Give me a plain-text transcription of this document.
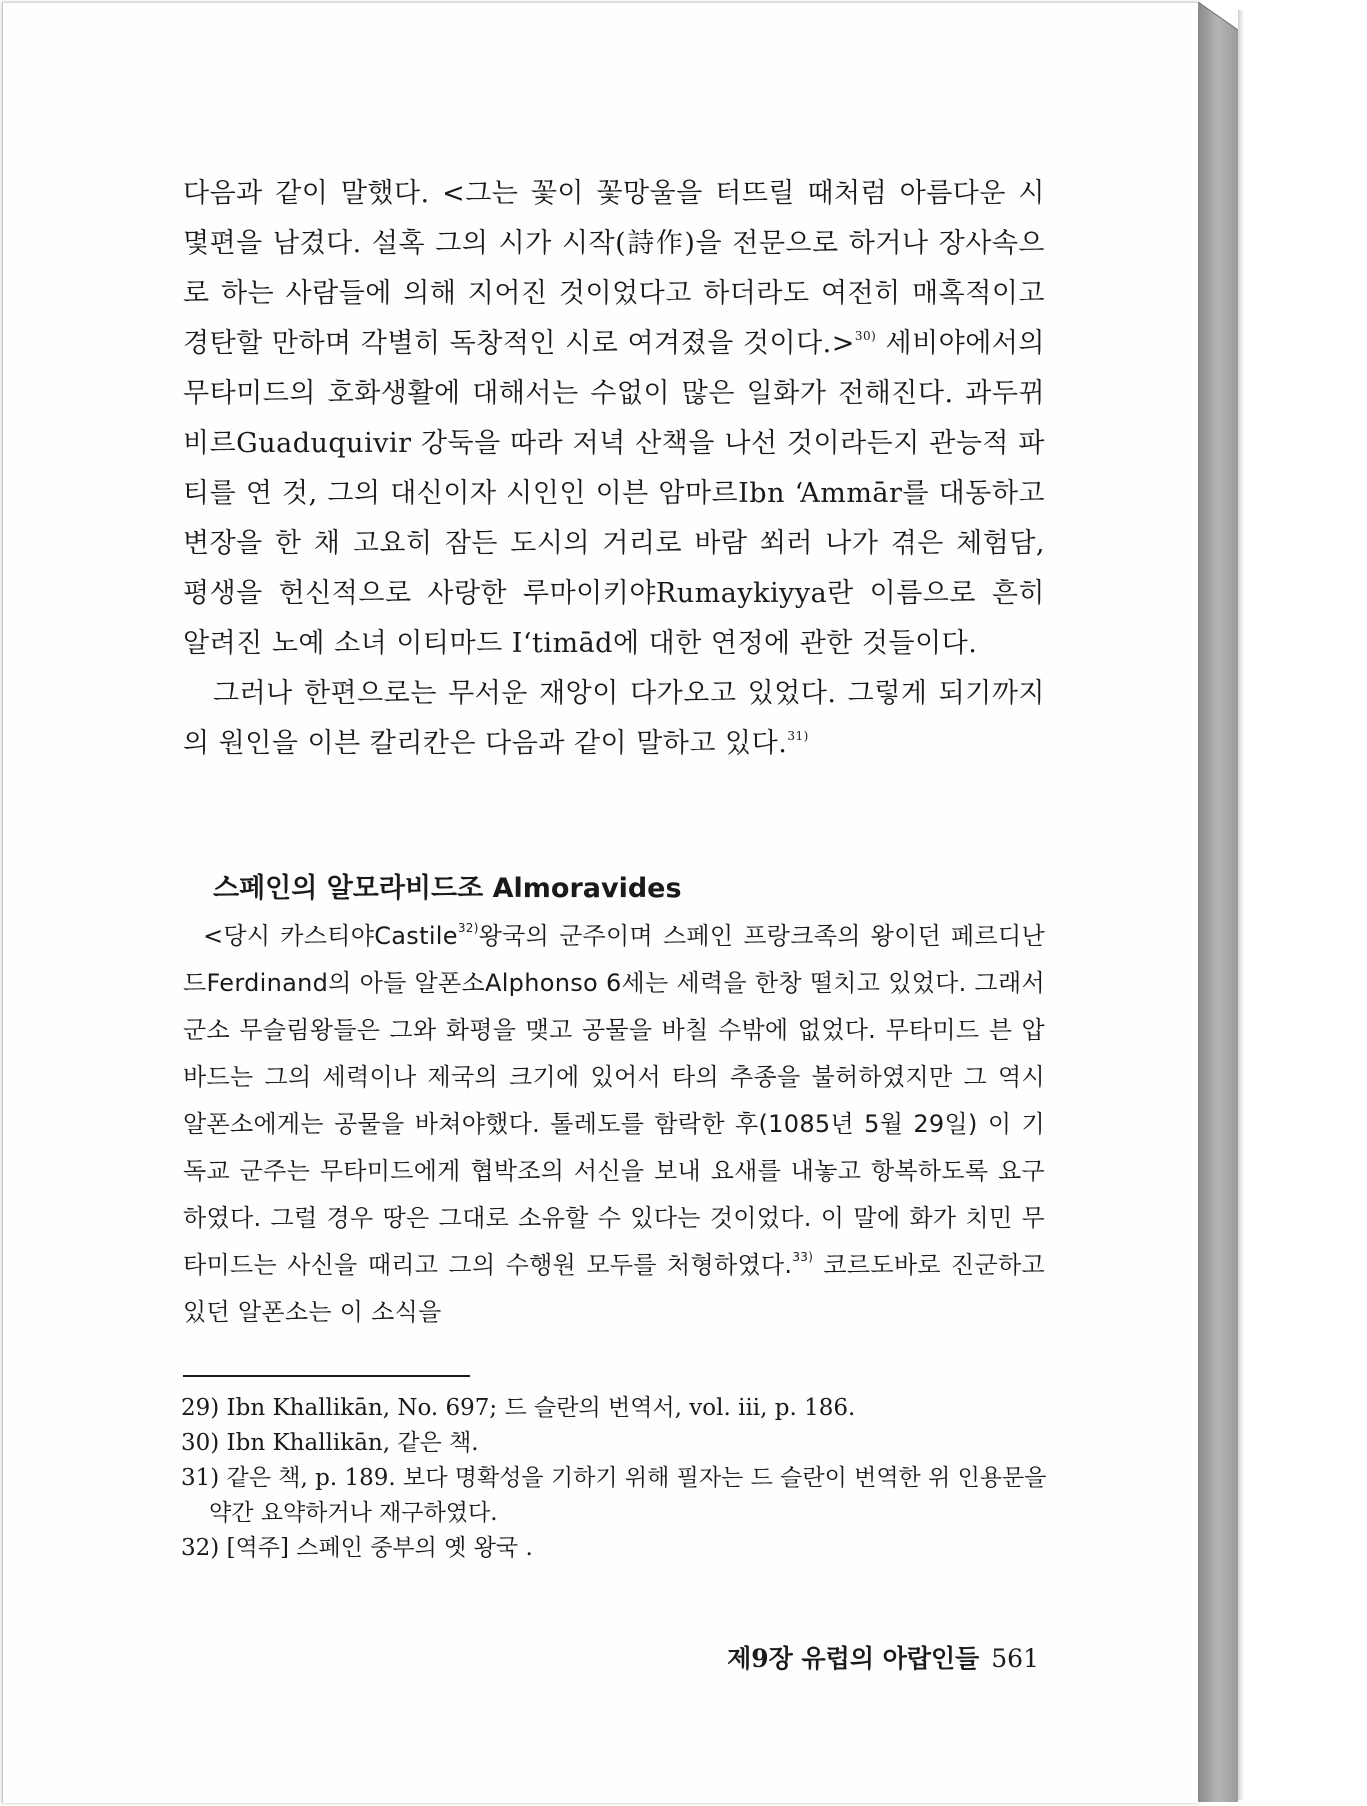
다음과 같이 말했다. <그는 꽃이 꽃망울을 터뜨릴 때처럼 아름다운 시 몇편을 남겼다. 설혹 그의 시가 시작(詩作)을 전문으로 하거나 장사속으로 하는 사람들에 의해 지어진 것이었다고 하더라도 여전히 매혹적이고 경탄할 만하며 각별히 독창적인 시로 여겨졌을 것이다.>$^{30)}$ 세비야에서의 무타미드의 호화생활에 대해서는 수없이 많은 일화가 전해진다. 과두뀌비르Guaduquivir 강둑을 따라 저녁 산책을 나선 것이라든지 관능적 파티를 연 것, 그의 대신이자 시인인 이븐 암마르Ibn ʻAmmār를 대동하고 변장을 한 채 고요히 잠든 도시의 거리로 바람 쐬러 나가 겪은 체험담, 평생을 헌신적으로 사랑한 루마이키야Rumaykiyya란 이름으로 흔히 알려진 노예 소녀 이티마드 Iʻtimād에 대한 연정에 관한 것들이다.

그러나 한편으로는 무서운 재앙이 다가오고 있었다. 그렇게 되기까지의 원인을 이븐 칼리칸은 다음과 같이 말하고 있다.$^{31)}$

스페인의 알모라비드조 Almoravides

<당시 카스티야Castile$^{32)}$왕국의 군주이며 스페인 프랑크족의 왕이던 페르디난드Ferdinand의 아들 알폰소Alphonso 6세는 세력을 한창 떨치고 있었다. 그래서 군소 무슬림왕들은 그와 화평을 맺고 공물을 바칠 수밖에 없었다. 무타미드 븐 압바드는 그의 세력이나 제국의 크기에 있어서 타의 추종을 불허하였지만 그 역시 알폰소에게는 공물을 바쳐야했다. 톨레도를 함락한 후(1085년 5월 29일) 이 기독교 군주는 무타미드에게 협박조의 서신을 보내 요새를 내놓고 항복하도록 요구하였다. 그럴 경우 땅은 그대로 소유할 수 있다는 것이었다. 이 말에 화가 치민 무타미드는 사신을 때리고 그의 수행원 모두를 처형하였다.$^{33)}$ 코르도바로 진군하고 있던 알폰소는 이 소식을

29) Ibn Khallikān, No. 697; 드 슬란의 번역서, vol. iii, p. 186.

30) Ibn Khallikān, 같은 책.

31) 같은 책, p. 189. 보다 명확성을 기하기 위해 필자는 드 슬란이 번역한 위 인용문을 약간 요약하거나 재구하였다.

32) [역주] 스페인 중부의 옛 왕국 .

제9장 유럽의 아랍인들 561
